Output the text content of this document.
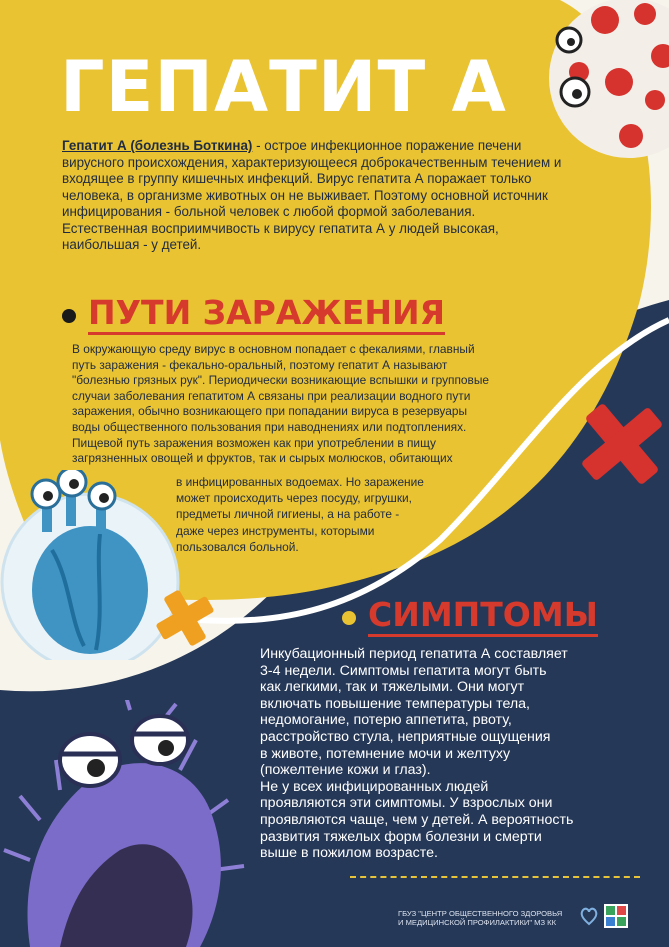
ГЕПАТИТ А

Гепатит А (болезнь Боткина) - острое инфекционное поражение печени вирусного происхождения, характеризующееся доброкачественным течением и входящее в группу кишечных инфекций. Вирус гепатита А поражает только человека, в организме животных он не выживает. Поэтому основной источник инфицирования - больной человек с любой формой заболевания. Естественная восприимчивость к вирусу гепатита А у людей высокая, наибольшая - у детей.

ПУТИ ЗАРАЖЕНИЯ

В окружающую среду вирус в основном попадает с фекалиями, главный

путь заражения - фекально-оральный, поэтому гепатит А называют

"болезнью грязных рук". Периодически возникающие вспышки и групповые

случаи заболевания гепатитом А связаны при реализации водного пути

заражения, обычно возникающего при попадании вируса в резервуары

воды общественного пользования при наводнениях или подтоплениях.

Пищевой путь заражения возможен как при употреблении в пищу

загрязненных овощей и фруктов, так и сырых молюсков, обитающих

в инфицированных водоемах. Но заражение

может происходить через посуду, игрушки,

предметы личной гигиены, а на работе -

даже через инструменты, которыми

пользовался больной.

СИМПТОМЫ

Инкубационный период гепатита А составляет

3-4 недели. Симптомы гепатита могут быть

как легкими, так и тяжелыми. Они могут

включать повышение температуры тела,

недомогание, потерю аппетита, рвоту,

расстройство стула, неприятные ощущения

в животе, потемнение мочи и желтуху

(пожелтение кожи и глаз).

Не у всех инфицированных людей

проявляются эти симптомы. У взрослых они

проявляются чаще, чем у детей. А вероятность

развития тяжелых форм болезни и смерти

выше в пожилом возрасте.

ГБУЗ "ЦЕНТР ОБЩЕСТВЕННОГО ЗДОРОВЬЯ
И МЕДИЦИНСКОЙ ПРОФИЛАКТИКИ" МЗ КК
